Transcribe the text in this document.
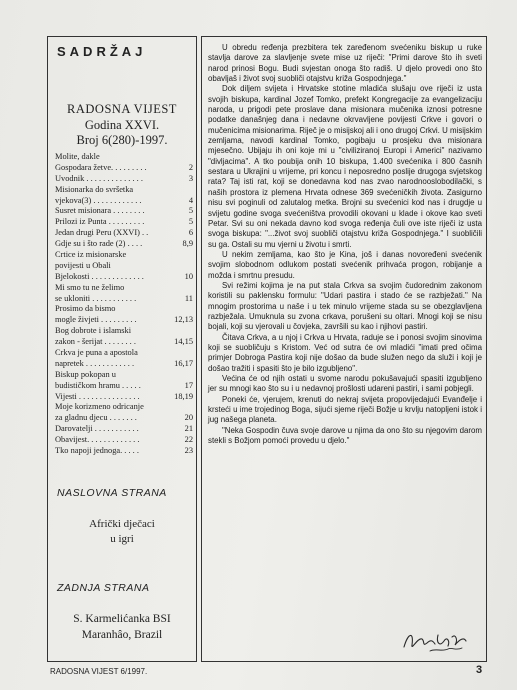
SADRŽAJ
RADOSNA VIJEST
Godina XXVI.
Broj 6(280)-1997.
Molite, dakle
Gospodara žetve. . . . . . . . .	2
Uvodnik . . . . . . . . . . . . . .	3
Misionarka do svršetka
vjekova(3) . . . . . . . . . . . .	4
Susret misionara . . . . . . . .	5
Prilozi iz Punta . . . . . . . . .	5
Jedan drugi Peru (XXVI) . .	6
Gdje su i što rade (2) . . . .	8,9
Crtice iz misionarske
povijesti u Obali
Bjelokosti . . . . . . . . . . . . .	10
Mi smo tu ne želimo
se ukloniti . . . . . . . . . . .	11
Prosimo da bismo
mogle živjeti . . . . . . . . .	12,13
Bog dobrote i islamski
zakon - šerijat . . . . . . . .	14,15
Crkva je puna a apostola
napretek . . . . . . . . . . . .	16,17
Biskup pokopan u
budističkom hramu . . . . .	17
Vijesti . . . . . . . . . . . . . . .	18,19
Moje korizmeno odricanje
za gladnu djecu . . . . . . .	20
Darovatelji . . . . . . . . . . .	21
Obavijest. . . . . . . . . . . . .	22
Tko napoji jednoga. . . . .	23
NASLOVNA STRANA
Afrički dječaci
u igri
ZADNJA STRANA
S. Karmelićanka BSI
Maranhâo, Brazil

U obredu ređenja prezbitera tek zaređenom svećeniku biskup u ruke stavlja darove za slavljenje svete mise uz riječi: "Primi darove što ih sveti narod prinosi Bogu. Budi svjestan onoga što radiš. U djelo provedi ono što obavljaš i život svoj suobliči otajstvu križa Gospodnjega."

Dok diljem svijeta i Hrvatske stotine mladića slušaju ove riječi iz usta svojih biskupa, kardinal Jozef Tomko, prefekt Kongregacije za evangelizaciju naroda, u prigodi pete proslave dana misionara mučenika iznosi potresne podatke današnjeg dana i nedavne okrvavljene povijesti Crkve i govori o mučenicima misionarima. Riječ je o misijskoj ali i ono drugoj Crkvi. U misijskim zemljama, navodi kardinal Tomko, pogibaju u prosjeku dva misionara mjesečno. Ubijaju ih oni koje mi u "civiliziranoj Europi i Americi" nazivamo "divljacima". A tko poubija onih 10 biskupa, 1.400 svećenika i 800 časnih sestara u Ukrajini u vrijeme, pri koncu i neposredno poslije drugoga svjetskog rata? Taj isti rat, koji se donedavna kod nas zvao narodnooslobodilački, s naših prostora iz plemena Hrvata odnese 369 svećeničkih života. Zasigurno nisu svi poginuli od zalutalog metka. Brojni su svećenici kod nas i drugdje u svijetu godine svoga svećeništva provodili okovani u klade i okove kao sveti Petar. Svi su oni nekada davno kod svoga ređenja čuli ove iste riječi iz usta svoga biskupa: "...život svoj suobliči otajstvu križa Gospodnjega." I suobličili su ga. Ostali su mu vjerni u životu i smrti.

U nekim zemljama, kao što je Kina, još i danas novoređeni svećenik svojim slobodnom odlukom postati svećenik prihvaća progon, robijanje a možda i smrtnu presudu.

Svi režimi kojima je na put stala Crkva sa svojim čudorednim zakonom koristili su paklensku formulu: "Udari pastira i stado će se razbježati." Na mnogim prostorima u naše i u tek minulo vrijeme stada su se obezglavljena razbježala. Umuknula su zvona crkava, porušeni su oltari. Mnogi koji se nisu bojali, koji su vjerovali u čovjeka, završili su kao i njihovi pastiri.

Čitava Crkva, a u njoj i Crkva u Hrvata, raduje se i ponosi svojim sinovima koji se suobličuju s Kristom. Već od sutra će ovi mladići "imati pred očima primjer Dobroga Pastira koji nije došao da bude služen nego da služi i koji je došao tražiti i spasiti što je bilo izgubljeno".

Većina će od njih ostati u svome narodu pokušavajući spasiti izgubljeno jer su mnogi kao što su i u nedavnoj prošlosti udareni pastiri, i sami pobjegli.

Poneki će, vjerujem, krenuti do nekraj svijeta propovijedajući Evanđelje i krsteći u ime trojedinog Boga, sijući sjeme riječi Božje u krvlju natopljeni istok i jug našega planeta.

"Neka Gospodin čuva svoje darove u njima da ono što su njegovim darom stekli s Božjom pomoći provedu u djelo."

RADOSNA VIJEST 6/1997.	3
